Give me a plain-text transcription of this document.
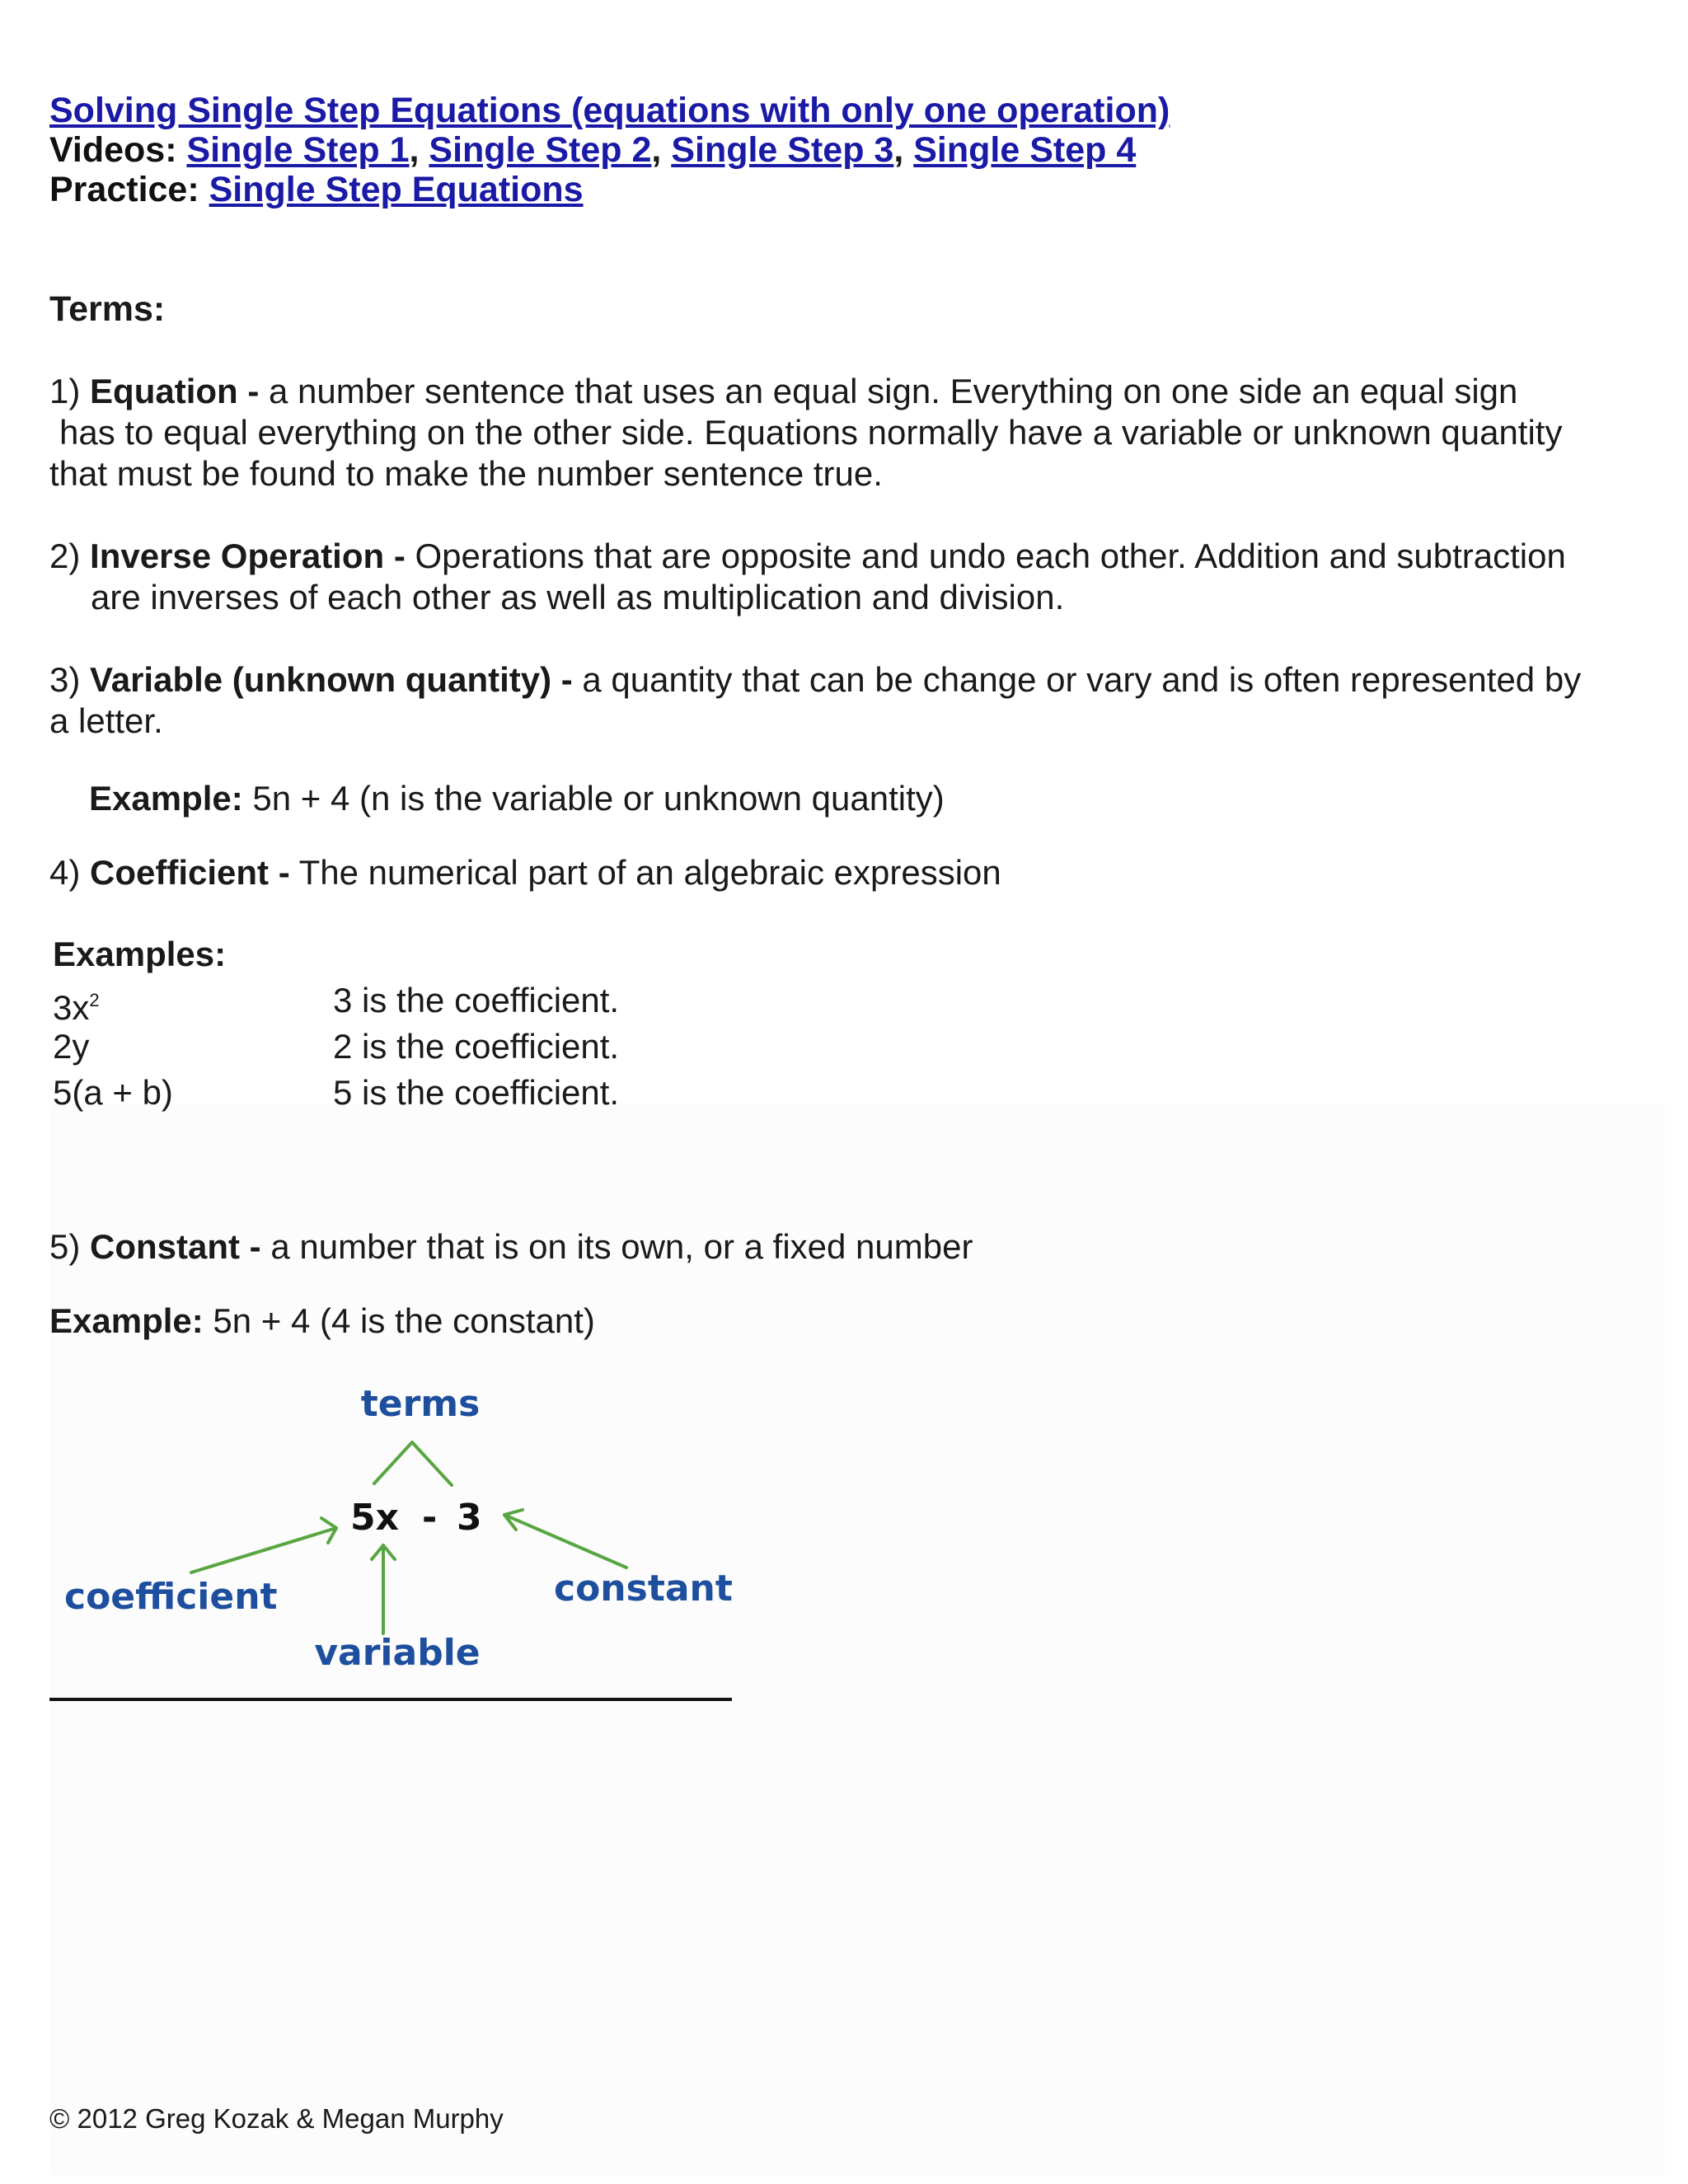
Solving Single Step Equations (equations with only one operation)
Videos: Single Step 1, Single Step 2, Single Step 3, Single Step 4
Practice: Single Step Equations
Terms:
1) Equation - a number sentence that uses an equal sign. Everything on one side an equal sign
has to equal everything on the other side. Equations normally have a variable or unknown quantity
that must be found to make the number sentence true.
2) Inverse Operation - Operations that are opposite and undo each other. Addition and subtraction
are inverses of each other as well as multiplication and division.
3) Variable (unknown quantity) - a quantity that can be change or vary and is often represented by
a letter.
Example: 5n + 4 (n is the variable or unknown quantity)
4) Coefficient - The numerical part of an algebraic expression
Examples:
$3x^2$	3 is the coefficient.
2y	2 is the coefficient.
5(a + b)	5 is the coefficient.
5) Constant - a number that is on its own, or a fixed number
Example: 5n + 4 (4 is the constant)
terms
5x - 3
coefficient
variable
constant
© 2012 Greg Kozak & Megan Murphy
